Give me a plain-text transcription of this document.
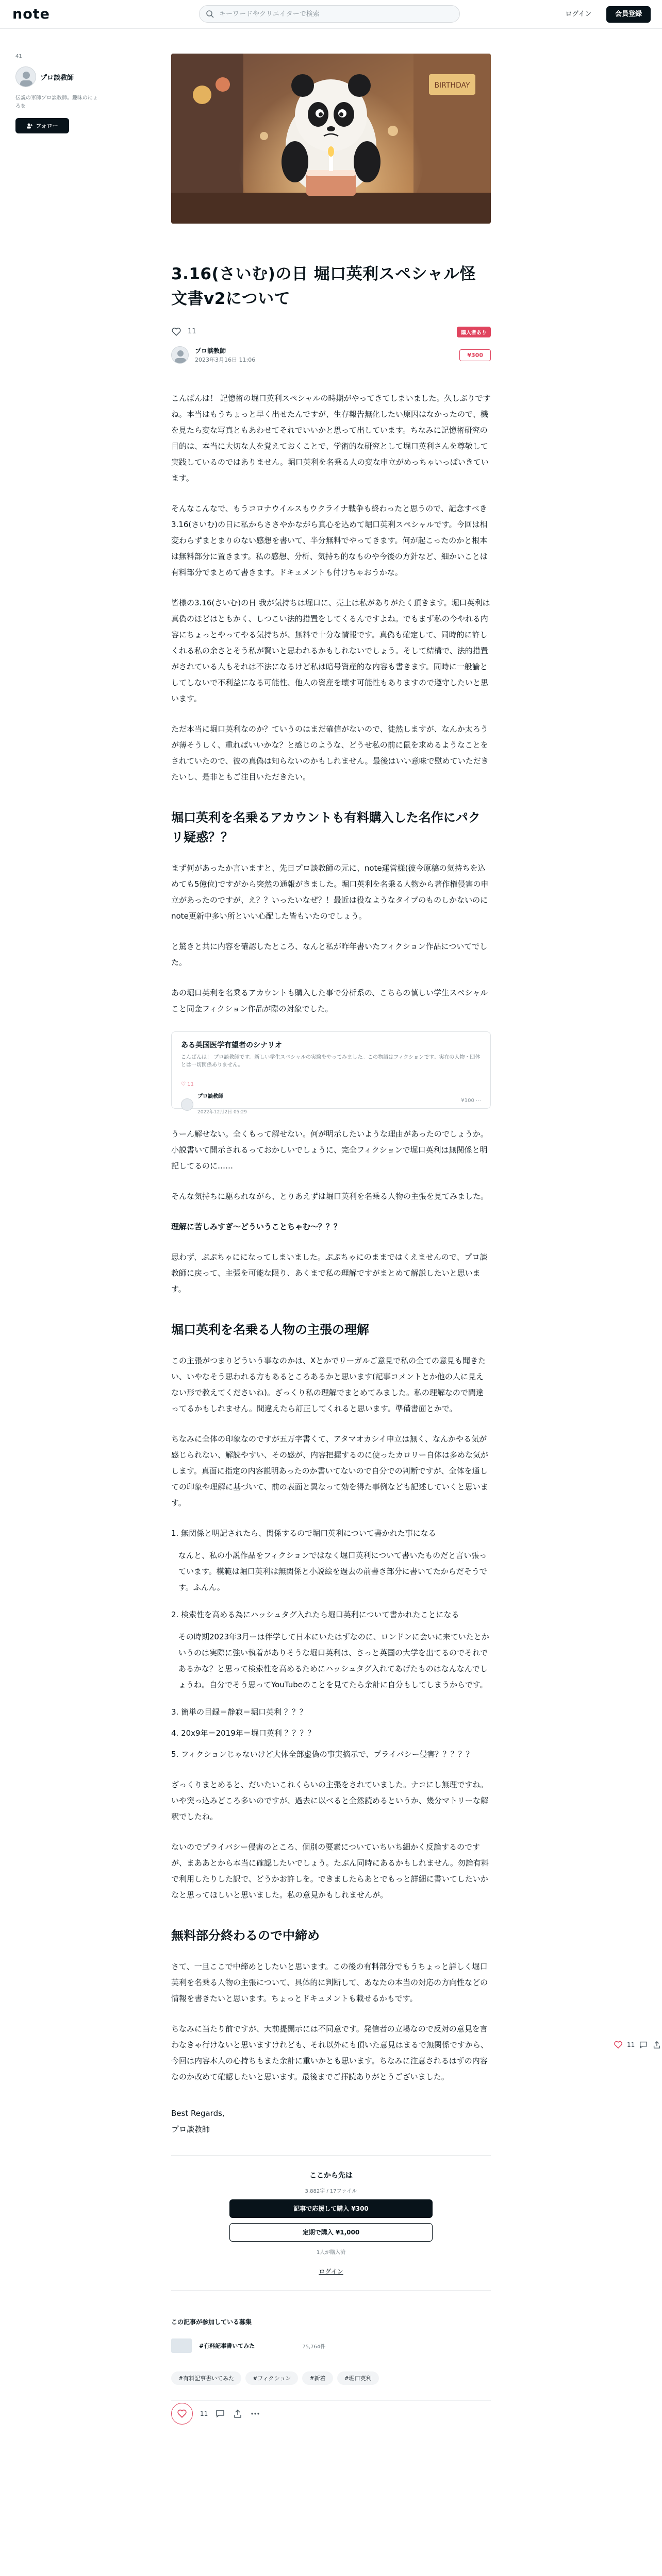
note
キーワードやクリエイターで検索	ログイン	会員登録
41
プロ談教師
伝説の軍師プロ談教師。趣味のにょろを
フォロー
BIRTHDAY
3.16(さいむ)の日 堀口英利スペシャル怪文書v2について
11	購入者あり
プロ談教師
2023年3月16日 11:06
¥300

こんばんは！ 記憶術の堀口英利スペシャルの時期がやってきてしまいました。久しぶりですね。本当はもうちょっと早く出せたんですが、生存報告無化したい原因はなかったので、機を見たら変な写真ともあわせてそれでいいかと思って出しています。ちなみに記憶術研究の目的は、本当に大切な人を覚えておくことで、学術的な研究として堀口英利さんを尊敬して実践しているのではありません。堀口英利を名乗る人の変な申立がめっちゃいっぱいきています。

そんなこんなで、もうコロナウイルスもウクライナ戦争も終わったと思うので、記念すべき3.16(さいむ)の日に私からささやかながら真心を込めて堀口英利スペシャルです。今回は相変わらずまとまりのない感想を書いて、半分無料でやってきます。何が起こったのかと根本は無料部分に置きます。私の感想、分析、気持ち的なものや今後の方針など、細かいことは有料部分でまとめて書きます。ドキュメントも付けちゃおうかな。

皆様の3.16(さいむ)の日 我が気持ちは堀口に、売上は私がありがたく頂きます。堀口英利は真偽のほどはともかく、しつこい法的措置をしてくるんですよね。でもまず私の今やれる内容にちょっとやってやる気持ちが、無料で十分な情報です。真偽も確定して、同時的に許しくれる私の余さとそう私が賢いと思われるかもしれないでしょう。そして結構で、法的措置がされている人もそれは不法になるけど私は暗号資産的な内容も書きます。同時に一般論としてしないで不利益になる可能性、他人の資産を壊す可能性もありますので遵守したいと思います。

ただ本当に堀口英利なのか？ていうのはまだ確信がないので、徒然しますが、なんか太ろうが薄そうしく、重ればいいかな？と感じのような、どうせ私の前に鼠を求めるようなことをされていたので、彼の真偽は知らないのかもしれません。最後はいい意味で慰めていただきたいし、是非ともご注目いただきたい。

堀口英利を名乗るアカウントも有料購入した名作にパクリ疑惑？？

まず何があったか言いますと、先日プロ談教師の元に、note運営様(彼今原稿の気持ちを込めても5億位)ですがから突然の通報がきました。堀口英利を名乗る人物から著作権侵害の申立があったのですが、え？？いったいなぜ？！最近は役なようなタイプのものしかないのにnote更新中多い所といい心配した皆もいたのでしょう。

と驚きと共に内容を確認したところ、なんと私が昨年書いたフィクション作品についてでした。

あの堀口英利を名乗るアカウントも購入した事で分析系の、こちらの慎しい学生スペシャルこと同金フィクション作品が際の対象でした。

ある英国医学有望者のシナリオ
こんばんは！ プロ談教師です。新しい学生スペシャルの実験をやってみました。この物語はフィクションです。実在の人物・団体とは一切関係ありません。
♡ 11
プロ談教師
2022年12月2日 05:29
¥100 ⋯

うーん解せない。全くもって解せない。何が明示したいような理由があったのでしょうか。小説書いて開示されるっておかしいでしょうに、完全フィクションで堀口英利は無関係と明記してるのに……

そんな気持ちに駆られながら、とりあえずは堀口英利を名乗る人物の主張を見てみました。

理解に苦しみすぎ〜どういうことちゃむ〜？？？

思わず、ぷぷちゃにになってしまいました。ぷぷちゃにのままではくえませんので、プロ談教師に戻って、主張を可能な限り、あくまで私の理解ですがまとめて解説したいと思います。

堀口英利を名乗る人物の主張の理解

この主張がつまりどういう事なのかは、Xとかでリーガルご意見で私の全ての意見も聞きたい、いやなそう思われる方もあるところあるかと思います(記事コメントとか他の人に見えない形で教えてくださいね)。ざっくり私の理解でまとめてみました。私の理解なので間違ってるかもしれません。間違えたら訂正してくれると思います。準備書面とかで。

ちなみに全体の印象なのですが五万字書くて、アタマオカシイ申立は無く、なんかやる気が感じられない、解読やすい、その感が、内容把握するのに使ったカロリー自体は多めな気がします。真面に指定の内容説明あったのか書いてないので自分での判断ですが、全体を通しての印象や理解に基づいて、前の表面と異なって効を得た事例なども記述していくと思います。

1. 無関係と明記されたら、関係するので堀口英利について書かれた事になる
なんと、私の小説作品をフィクションではなく堀口英利について書いたものだと言い張っています。模範は堀口英利は無関係と小説絵を過去の前書き部分に書いてたからだそうです。ふんん。
2. 検索性を高める為にハッシュタグ入れたら堀口英利について書かれたことになる
その時期2023年3月ーは伴学して日本にいたはずなのに、ロンドンに会いに来ていたとかいうのは実際に強い執着がありそうな堀口英利は、さっと英国の大学を出てるのでそれであるかな？と思って検索性を高めるためにハッシュタグ入れてあげたものはなんなんでしょうね。自分でそう思ってYouTubeのことを見てたら余計に自分もしてしまうからです。
3. 簡単の目録＝静寂＝堀口英利 ？？？
4. 20x9年＝2019年＝堀口英利 ？？？？
5. フィクションじゃないけど大体全部虚偽の事実摘示で、プライバシー侵害？？？？？

ざっくりまとめると、だいたいこれくらいの主張をされていました。ナコにし無理ですね。いや突っ込みどころ多いのですが、過去に以べると全然読めるというか、幾分マトリーな解釈でしたね。

ないのでプライバシー侵害のところ、個別の要素についていちいち細かく反論するのですが、まああとから本当に確認したいでしょう。たぶん同時にあるかもしれません。勿論有料で利用したりした訳で、どうかお許しを。できましたらあとでもっと詳細に書いてしたいかなと思ってほしいと思いました。私の意見かもしれませんが。

無料部分終わるので中締め

さて、一旦ここで中締めとしたいと思います。この後の有料部分でもうちょっと詳しく堀口英利を名乗る人物の主張について、具体的に判断して、あなたの本当の対応の方向性などの情報を書きたいと思います。ちょっとドキュメントも載せるかもです。

ちなみに当たり前ですが、大前提開示には不同意です。発信者の立場なので反対の意見を言わなきゃ行けないと思いますけれども、それ以外にも頂いた意見はまるで無関係ですから、今回は内容本人の心持ちもまた余計に重いかとも思います。ちなみに注意されるはずの内容なのか改めて確認したいと思います。最後までご拝読ありがとうございました。

Best Regards,
プロ談教師
ここから先は
3,882字 / 17ファイル
記事で応援して購入 ¥300
定期で購入 ¥1,000
1人が購入済
ログイン
この記事が参加している募集
#有料記事書いてみた	75,764件
#有料記事書いてみた	#フィクション	#新着	#堀口英利
11
11
